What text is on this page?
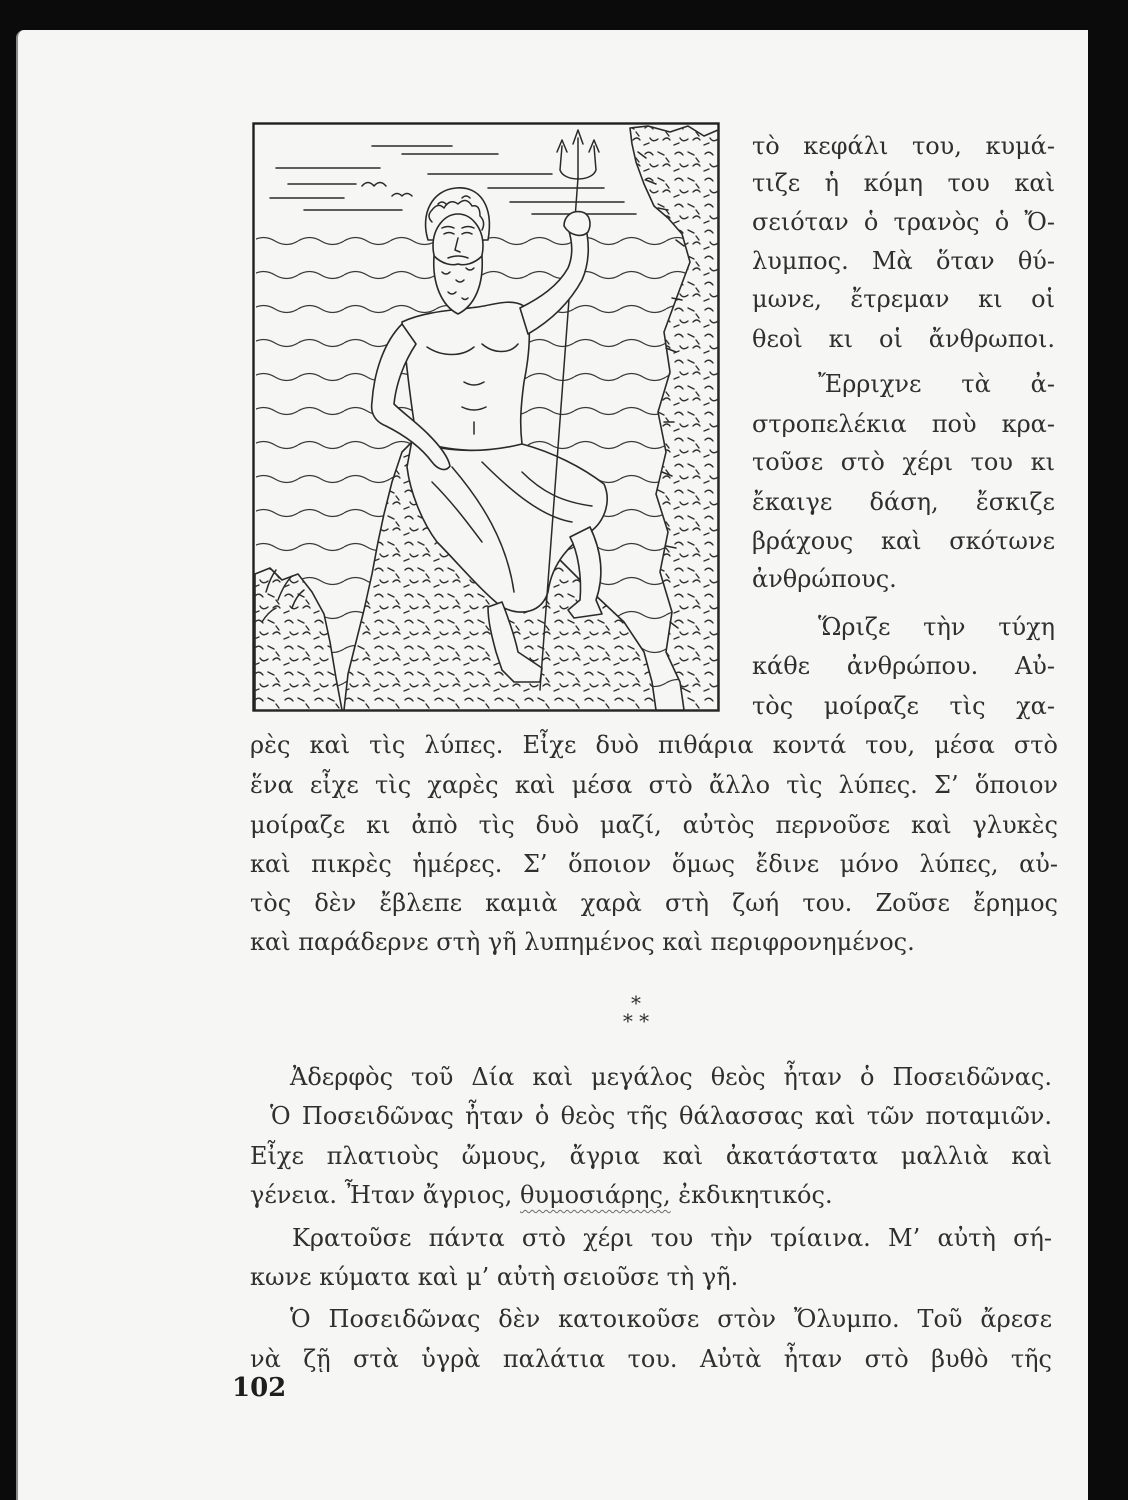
τὸ κεφάλι του, κυμά-
τιζε ἡ κόμη του καὶ
σειόταν ὁ τρανὸς ὁ Ὄ-
λυμπος. Μὰ ὅταν θύ-
μωνε, ἔτρεμαν κι οἱ
θεοὶ κι οἱ ἄνθρωποι.
Ἔρριχνε τὰ ἀ-
στροπελέκια ποὺ κρα-
τοῦσε στὸ χέρι του κι
ἔκαιγε δάση, ἔσκιζε
βράχους καὶ σκότωνε
ἀνθρώπους.
Ὥριζε τὴν τύχη
κάθε ἀνθρώπου. Αὐ-
τὸς μοίραζε τὶς χα-
ρὲς καὶ τὶς λύπες. Εἶχε δυὸ πιθάρια κοντά του, μέσα στὸ
ἕνα εἶχε τὶς χαρὲς καὶ μέσα στὸ ἄλλο τὶς λύπες. Σ’ ὅποιον
μοίραζε κι ἀπὸ τὶς δυὸ μαζί, αὐτὸς περνοῦσε καὶ γλυκὲς
καὶ πικρὲς ἡμέρες. Σ’ ὅποιον ὅμως ἔδινε μόνο λύπες, αὐ-
τὸς δὲν ἔβλεπε καμιὰ χαρὰ στὴ ζωή του. Ζοῦσε ἔρημος
καὶ παράδερνε στὴ γῆ λυπημένος καὶ περιφρονημένος.
*
* *
Ἀδερφὸς τοῦ Δία καὶ μεγάλος θεὸς ἦταν ὁ Ποσειδῶνας.
Ὁ Ποσειδῶνας ἦταν ὁ θεὸς τῆς θάλασσας καὶ τῶν ποταμιῶν.
Εἶχε πλατιοὺς ὤμους, ἄγρια καὶ ἀκατάστατα μαλλιὰ καὶ
γένεια. Ἦταν ἄγριος, θυμοσιάρης, ἐκδικητικός.
Κρατοῦσε πάντα στὸ χέρι του τὴν τρίαινα. Μ’ αὐτὴ σή-
κωνε κύματα καὶ μ’ αὐτὴ σειοῦσε τὴ γῆ.
Ὁ Ποσειδῶνας δὲν κατοικοῦσε στὸν Ὄλυμπο. Τοῦ ἄρεσε
νὰ ζῇ στὰ ὑγρὰ παλάτια του. Αὐτὰ ἦταν στὸ βυθὸ τῆς
102
